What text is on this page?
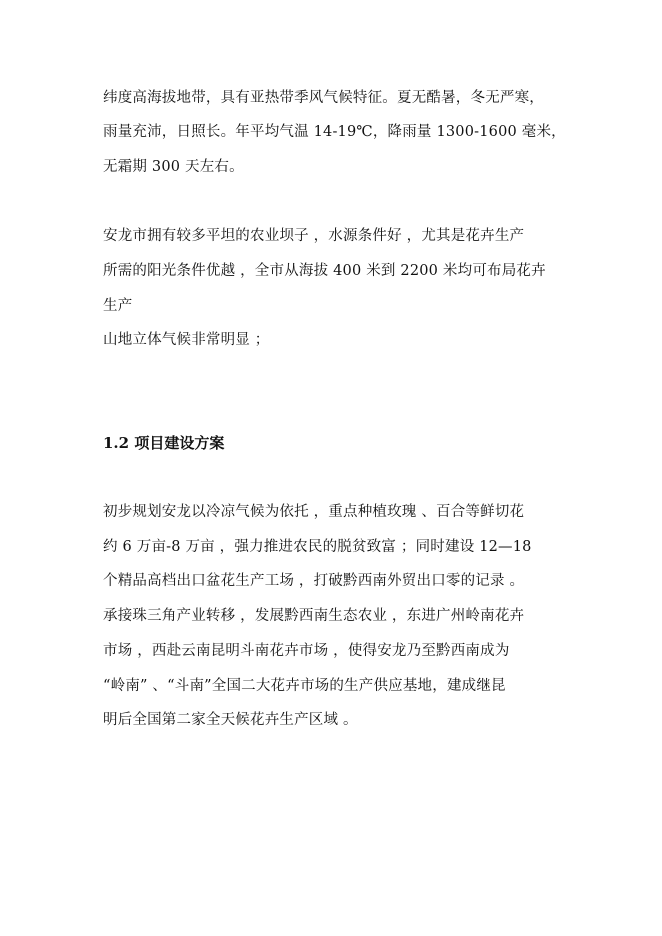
纬度高海拔地带，具有亚热带季风气候特征。夏无酷暑，冬无严寒，
雨量充沛，日照长。年平均气温 14-19℃，降雨量 1300-1600 毫米，
无霜期 300 天左右。
安龙市拥有较多平坦的农业坝子 ，水源条件好 ，尤其是花卉生产
所需的阳光条件优越 ，全市从海拔 400 米到 2200 米均可布局花卉
生产
山地立体气候非常明显 ；
1.2 项目建设方案
初步规划安龙以冷凉气候为依托 ，重点种植玫瑰 、百合等鲜切花
约 6 万亩-8 万亩 ，强力推进农民的脱贫致富 ；同时建设 12—18
个精品高档出口盆花生产工场 ，打破黔西南外贸出口零的记录 。
承接珠三角产业转移 ，发展黔西南生态农业 ，东进广州岭南花卉
市场 ，西赴云南昆明斗南花卉市场 ，使得安龙乃至黔西南成为
“岭南” 、“斗南”全国二大花卉市场的生产供应基地，建成继昆
明后全国第二家全天候花卉生产区域 。
